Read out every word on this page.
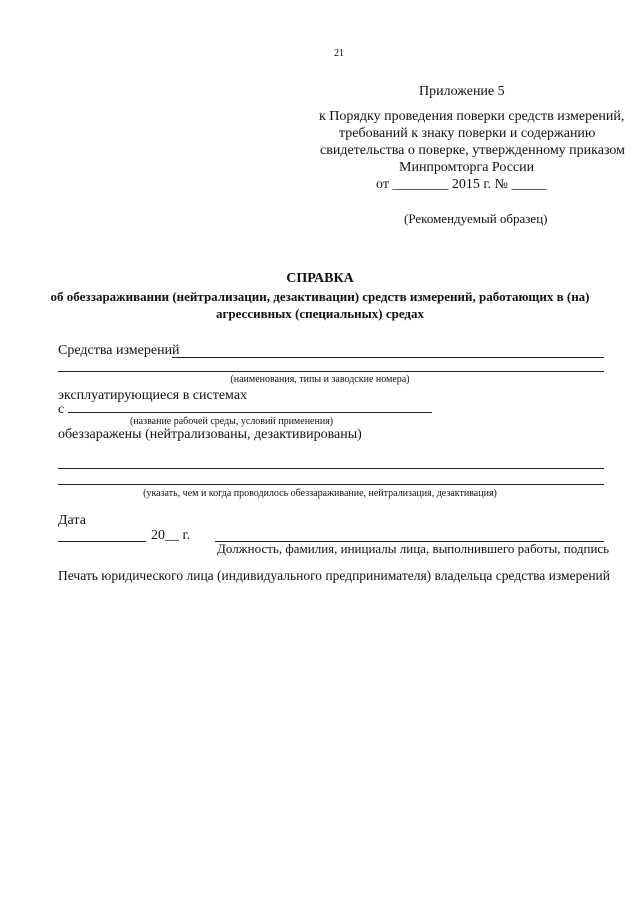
21
Приложение 5
к Порядку проведения поверки средств измерений,
требований к знаку поверки и содержанию
свидетельства о поверке, утвержденному приказом
Минпромторга России
от ________ 2015 г. № _____
(Рекомендуемый образец)
СПРАВКА
об обеззараживании (нейтрализации, дезактивации) средств измерений, работающих в (на)
агрессивных (специальных) средах
Средства измерений
(наименования, типы и заводские номера)
эксплуатирующиеся в системах
с
(название рабочей среды, условий применения)
обеззаражены (нейтрализованы, дезактивированы)
(указать, чем и когда проводилось обеззараживание, нейтрализация, дезактивация)
Дата
20__ г.
Должность, фамилия, инициалы лица, выполнившего работы, подпись
Печать юридического лица (индивидуального предпринимателя) владельца средства измерений
